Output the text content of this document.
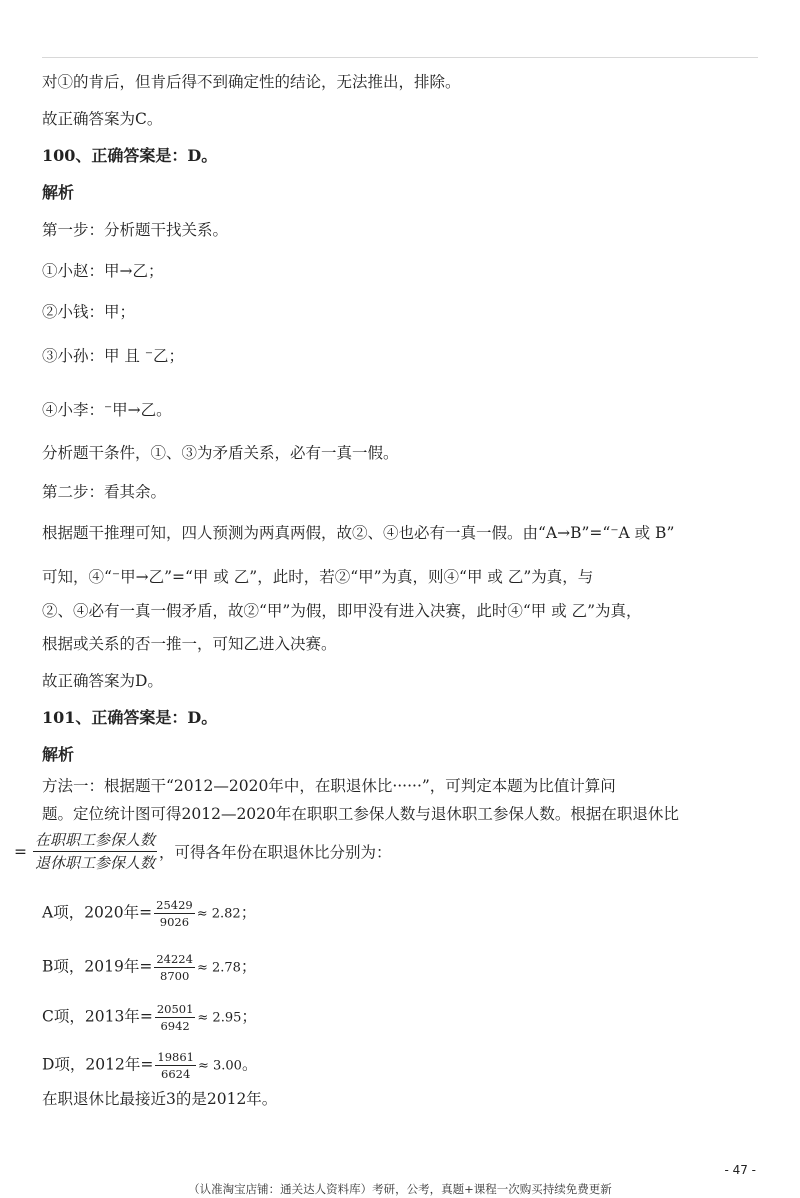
对①的肯后，但肯后得不到确定性的结论，无法推出，排除。
故正确答案为C。
100、正确答案是：D。
解析
第一步：分析题干找关系。
①小赵：甲→乙；
②小钱：甲；
③小孙：甲 且 ⁻乙；
④小李：⁻甲→乙。
分析题干条件，①、③为矛盾关系，必有一真一假。
第二步：看其余。
根据题干推理可知，四人预测为两真两假，故②、④也必有一真一假。由“A→B”=“⁻A 或 B”
可知，④“⁻甲→乙”=“甲 或 乙”，此时，若②“甲”为真，则④“甲 或 乙”为真，与
②、④必有一真一假矛盾，故②“甲”为假，即甲没有进入决赛，此时④“甲 或 乙”为真，
根据或关系的否一推一，可知乙进入决赛。
故正确答案为D。
101、正确答案是：D。
解析
方法一：根据题干“2012—2020年中，在职退休比······”，可判定本题为比值计算问
题。定位统计图可得2012—2020年在职职工参保人数与退休职工参保人数。根据在职退休比
= $\frac{\text{在职职工参保人数}}{\text{退休职工参保人数}}$ ，可得各年份在职退休比分别为：
A项，2020年= $\frac{25429}{9026} \approx 2.82$；
B项，2019年= $\frac{24224}{8700} \approx 2.78$；
C项，2013年= $\frac{20501}{6942} \approx 2.95$；
D项，2012年= $\frac{19861}{6624} \approx 3.00$。
在职退休比最接近3的是2012年。
- 47 -
（认准淘宝店铺：通关达人资料库）考研，公考，真题+课程一次购买持续免费更新
